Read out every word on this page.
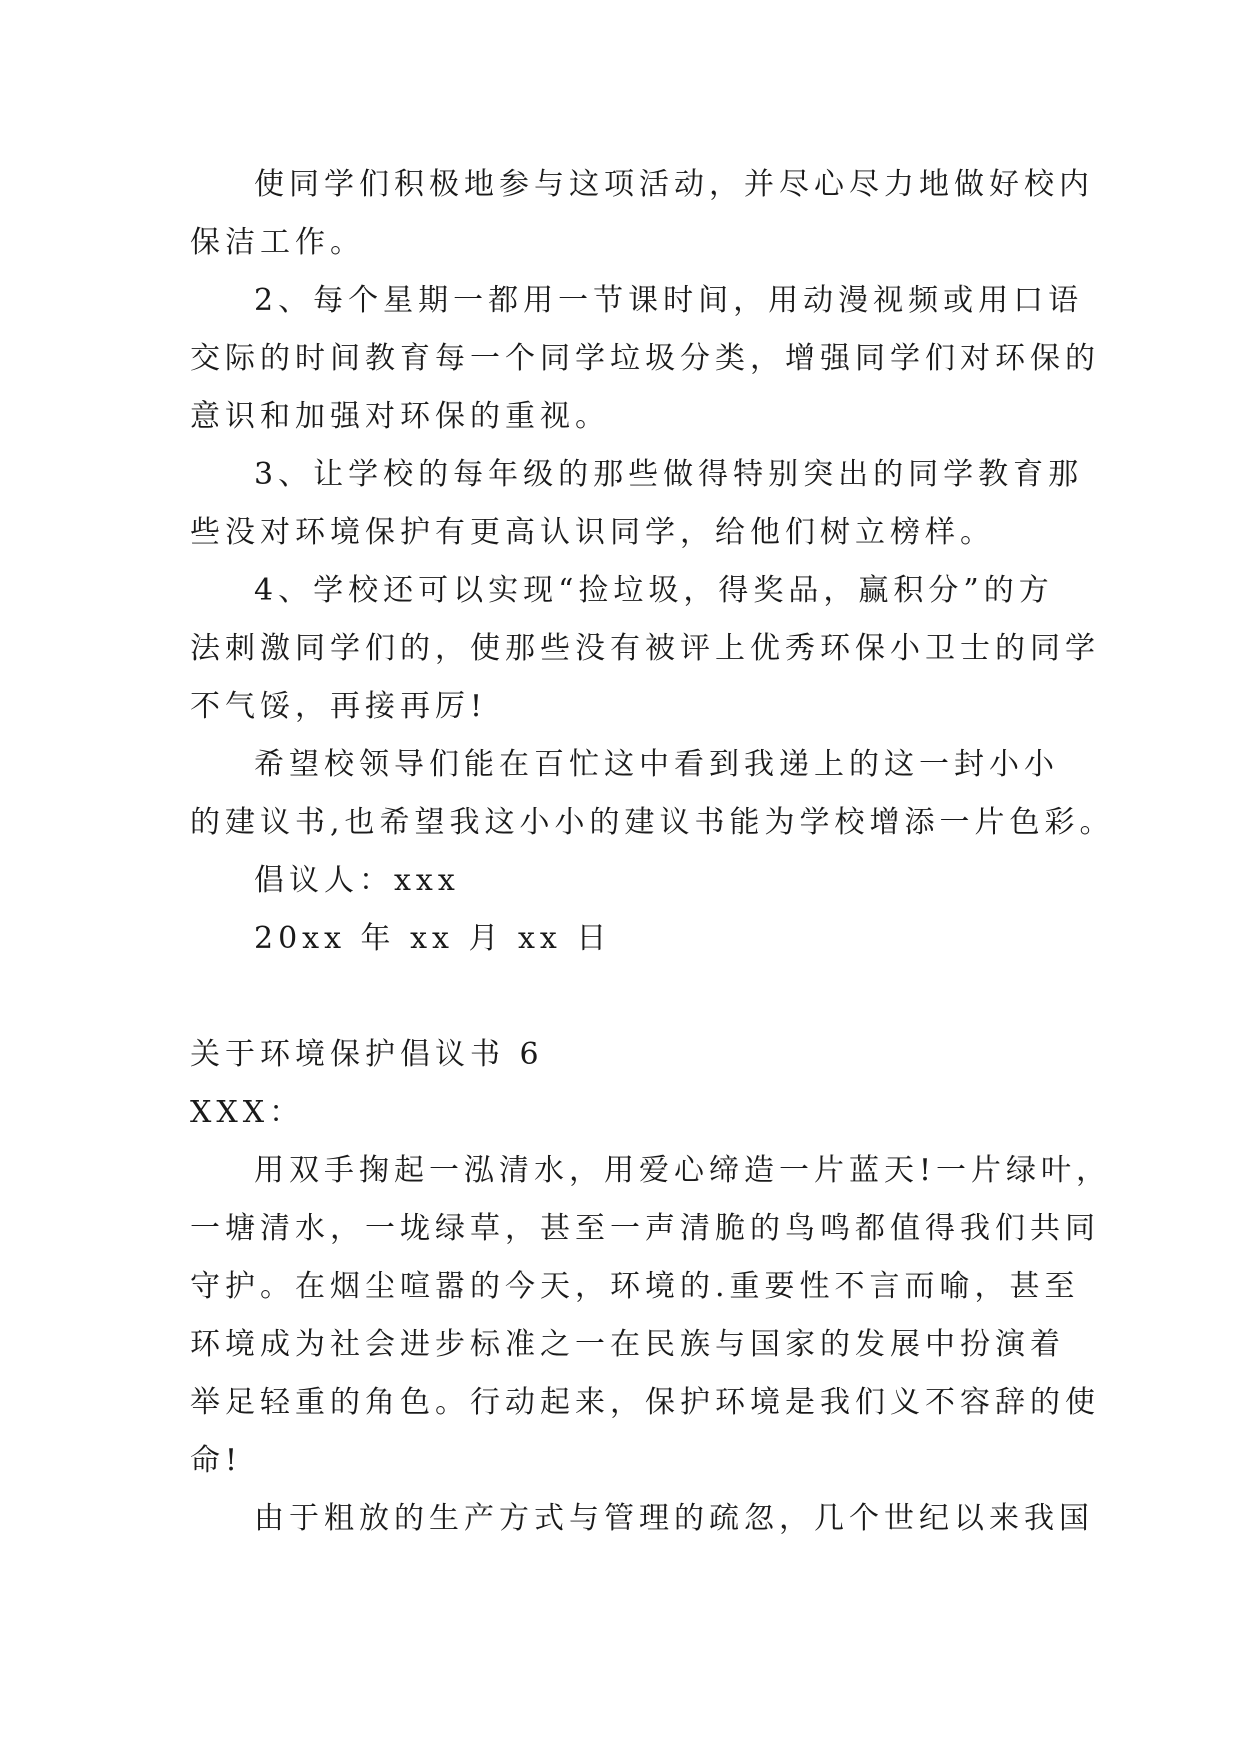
使同学们积极地参与这项活动，并尽心尽力地做好校内
保洁工作。
2、每个星期一都用一节课时间，用动漫视频或用口语
交际的时间教育每一个同学垃圾分类，增强同学们对环保的
意识和加强对环保的重视。
3、让学校的每年级的那些做得特别突出的同学教育那
些没对环境保护有更高认识同学，给他们树立榜样。
4、学校还可以实现“捡垃圾，得奖品，赢积分”的方
法刺激同学们的，使那些没有被评上优秀环保小卫士的同学
不气馁，再接再厉!
希望校领导们能在百忙这中看到我递上的这一封小小
的建议书,也希望我这小小的建议书能为学校增添一片色彩。
倡议人：xxx
20xx 年 xx 月 xx 日
关于环境保护倡议书 6
XXX：
用双手掬起一泓清水，用爱心缔造一片蓝天!一片绿叶，
一塘清水，一垅绿草，甚至一声清脆的鸟鸣都值得我们共同
守护。在烟尘喧嚣的今天，环境的.重要性不言而喻，甚至
环境成为社会进步标准之一在民族与国家的发展中扮演着
举足轻重的角色。行动起来，保护环境是我们义不容辞的使
命!
由于粗放的生产方式与管理的疏忽，几个世纪以来我国
